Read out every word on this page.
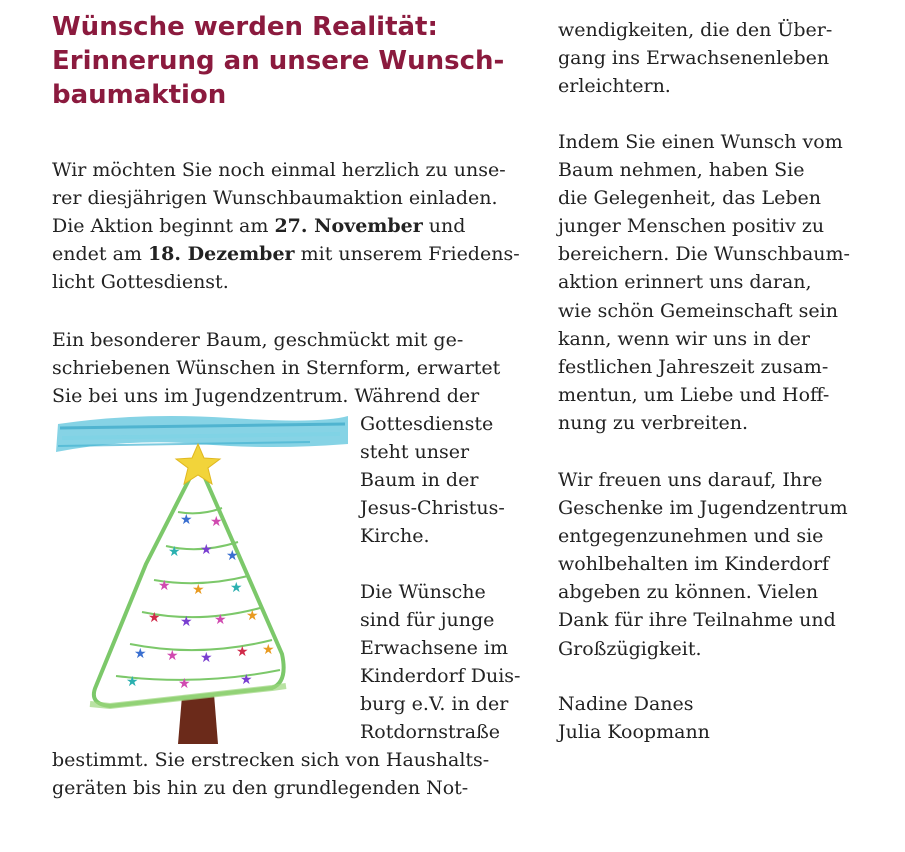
Wünsche werden Realität:
Erinnerung an unsere Wunsch-
baumaktion
Wir möchten Sie noch einmal herzlich zu unse-
rer diesjährigen Wunschbaumaktion einladen.
Die Aktion beginnt am 27. November und
endet am 18. Dezember mit unserem Friedens-
licht Gottesdienst.
Ein besonderer Baum, geschmückt mit ge-
schriebenen Wünschen in Sternform, erwartet
Sie bei uns im Jugendzentrum. Während der
Gottesdienste
steht unser
Baum in der
Jesus-Christus-
Kirche.
Die Wünsche
sind für junge
Erwachsene im
Kinderdorf Duis-
burg e.V. in der
Rotdornstraße
bestimmt. Sie erstrecken sich von Haushalts-
geräten bis hin zu den grundlegenden Not-
wendigkeiten, die den Über-
gang ins Erwachsenenleben
erleichtern.
Indem Sie einen Wunsch vom
Baum nehmen, haben Sie
die Gelegenheit, das Leben
junger Menschen positiv zu
bereichern. Die Wunschbaum-
aktion erinnert uns daran,
wie schön Gemeinschaft sein
kann, wenn wir uns in der
festlichen Jahreszeit zusam-
mentun, um Liebe und Hoff-
nung zu verbreiten.
Wir freuen uns darauf, Ihre
Geschenke im Jugendzentrum
entgegenzunehmen und sie
wohlbehalten im Kinderdorf
abgeben zu können. Vielen
Dank für ihre Teilnahme und
Großzügigkeit.
Nadine Danes
Julia Koopmann
★ ★
★ ★ ★
★ ★ ★
★ ★ ★ ★
★ ★ ★ ★ ★
★	★	★
